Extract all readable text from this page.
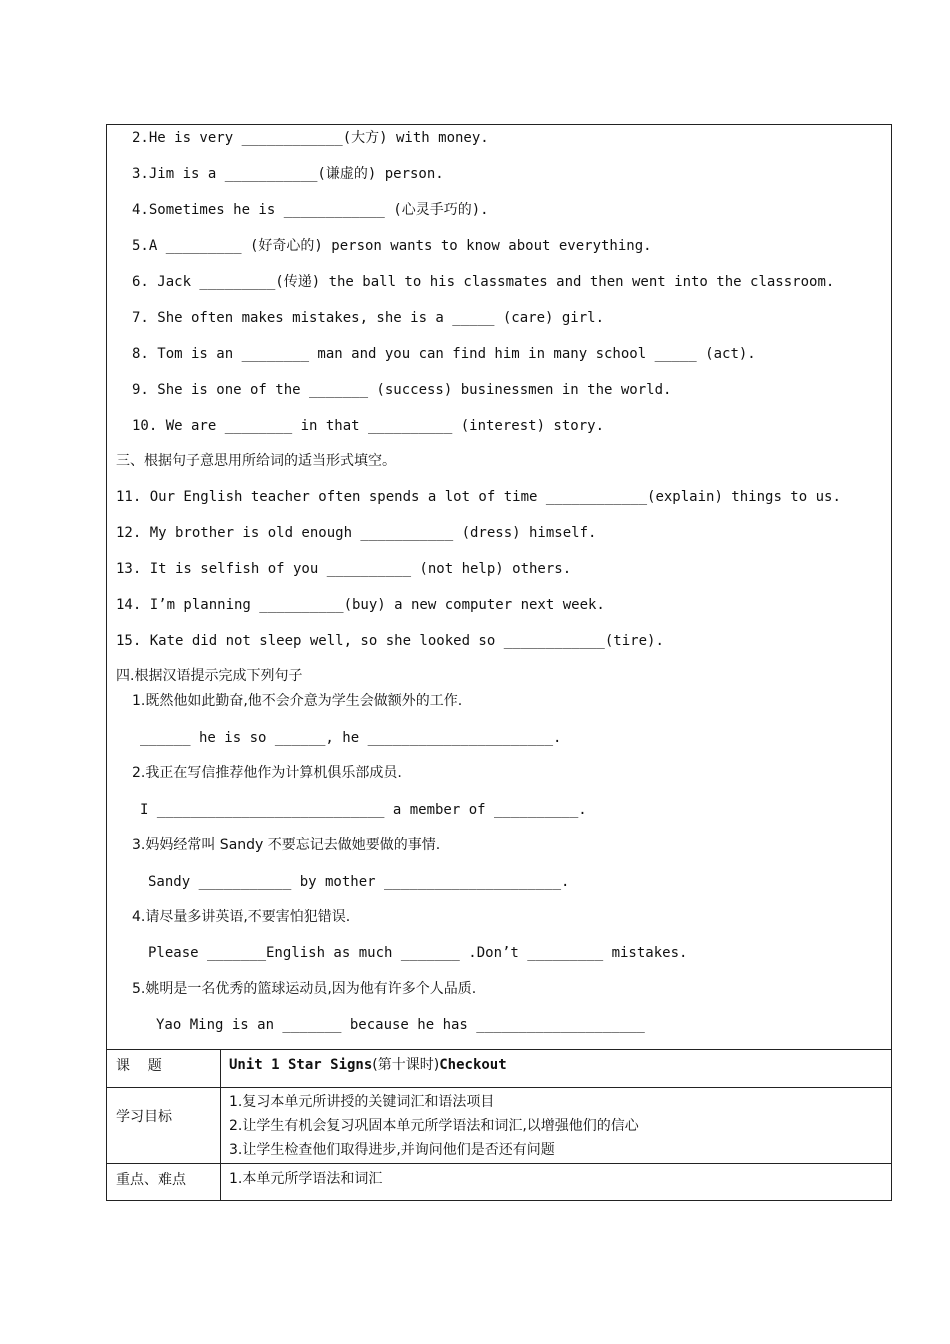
2.He is very ____________(大方) with money.
3.Jim is a ___________(谦虚的) person.
4.Sometimes he is ____________ (心灵手巧的).
5.A _________ (好奇心的) person wants to know about everything.
6. Jack _________(传递) the ball to his classmates and then went into the classroom.
7. She often makes mistakes, she is a _____ (care) girl.
8. Tom is an ________ man and you can find him in many school _____ (act).
9. She is one of the _______ (success) businessmen in the world.
10. We are ________ in that __________ (interest) story.
三、根据句子意思用所给词的适当形式填空。
11. Our English teacher often spends a lot of time ____________(explain) things to us.
12. My brother is old enough ___________ (dress) himself.
13. It is selfish of you __________ (not help) others.
14. I’m planning __________(buy) a new computer next week.
15. Kate did not sleep well, so she looked so ____________(tire).
四.根据汉语提示完成下列句子
1.既然他如此勤奋,他不会介意为学生会做额外的工作.
______ he is so ______, he ______________________.
2.我正在写信推荐他作为计算机俱乐部成员.
I ___________________________ a member of __________.
3.妈妈经常叫 Sandy 不要忘记去做她要做的事情.
Sandy ___________ by mother _____________________.
4.请尽量多讲英语,不要害怕犯错误.
Please _______English as much _______ .Don’t _________ mistakes.
5.姚明是一名优秀的篮球运动员,因为他有许多个人品质.
Yao Ming is an _______ because he has ____________________
课    题	Unit 1 Star Signs(第十课时)Checkout
学习目标	1.复习本单元所讲授的关键词汇和语法项目
2.让学生有机会复习巩固本单元所学语法和词汇,以增强他们的信心
3.让学生检查他们取得进步,并询问他们是否还有问题

重点、难点	1.本单元所学语法和词汇
